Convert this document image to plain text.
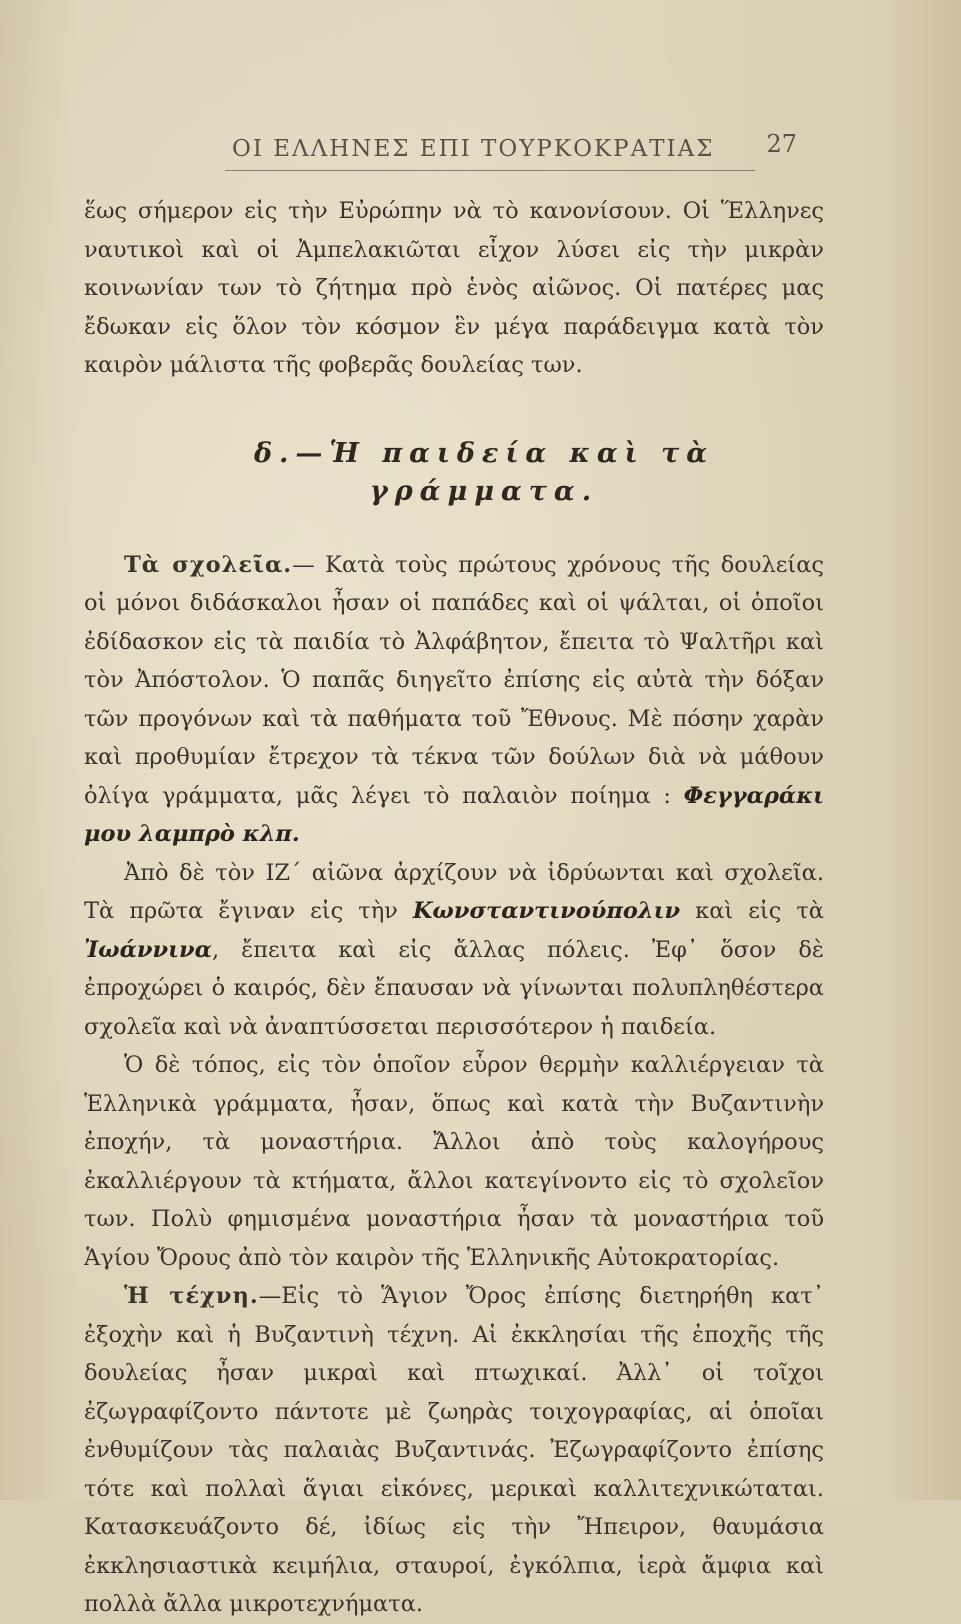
ΟΙ ΕΛΛΗΝΕΣ ΕΠΙ ΤΟΥΡΚΟΚΡΑΤΙΑΣ 27

ἕως σήμερον εἰς τὴν Εὐρώπην νὰ τὸ κανονίσουν. Οἱ Ἕλληνες ναυτικοὶ καὶ οἱ Ἀμπελακιῶται εἶχον λύσει εἰς τὴν μικρὰν κοινωνίαν των τὸ ζήτημα πρὸ ἑνὸς αἰῶνος. Οἱ πατέρες μας ἔδωκαν εἰς ὅλον τὸν κόσμον ἓν μέγα παράδειγμα κατὰ τὸν καιρὸν μάλιστα τῆς φοβερᾶς δουλείας των.

δ.—Ἡ παιδεία καὶ τὰ γράμματα.

Τὰ σχολεῖα.— Κατὰ τοὺς πρώτους χρόνους τῆς δουλείας οἱ μόνοι διδάσκαλοι ἦσαν οἱ παπάδες καὶ οἱ ψάλται, οἱ ὁποῖοι ἐδίδασκον εἰς τὰ παιδία τὸ Ἀλφάβητον, ἔπειτα τὸ Ψαλτῆρι καὶ τὸν Ἀπόστολον. Ὁ παπᾶς διηγεῖτο ἐπίσης εἰς αὐτὰ τὴν δόξαν τῶν προγόνων καὶ τὰ παθήματα τοῦ Ἔθνους. Μὲ πόσην χαρὰν καὶ προθυμίαν ἔτρεχον τὰ τέκνα τῶν δούλων διὰ νὰ μάθουν ὀλίγα γράμματα, μᾶς λέγει τὸ παλαιὸν ποίημα : Φεγγαράκι μου λαμπρὸ κλπ.

Ἀπὸ δὲ τὸν ΙΖ´ αἰῶνα ἀρχίζουν νὰ ἱδρύωνται καὶ σχολεῖα. Τὰ πρῶτα ἔγιναν εἰς τὴν Κωνσταντινούπολιν καὶ εἰς τὰ Ἰωάννινα, ἔπειτα καὶ εἰς ἄλλας πόλεις. Ἐφ᾽ ὅσον δὲ ἐπροχώρει ὁ καιρός, δὲν ἔπαυσαν νὰ γίνωνται πολυπληθέστερα σχολεῖα καὶ νὰ ἀναπτύσσεται περισσότερον ἡ παιδεία.

Ὁ δὲ τόπος, εἰς τὸν ὁποῖον εὗρον θερμὴν καλλιέργειαν τὰ Ἑλληνικὰ γράμματα, ἦσαν, ὅπως καὶ κατὰ τὴν Βυζαντινὴν ἐποχήν, τὰ μοναστήρια. Ἄλλοι ἀπὸ τοὺς καλογήρους ἐκαλλιέργουν τὰ κτήματα, ἄλλοι κατεγίνοντο εἰς τὸ σχολεῖον των. Πολὺ φημισμένα μοναστήρια ἦσαν τὰ μοναστήρια τοῦ Ἁγίου Ὄρους ἀπὸ τὸν καιρὸν τῆς Ἑλληνικῆς Αὐτοκρατορίας.

Ἡ τέχνη.—Εἰς τὸ Ἅγιον Ὄρος ἐπίσης διετηρήθη κατ᾽ ἐξοχὴν καὶ ἡ Βυζαντινὴ τέχνη. Αἱ ἐκκλησίαι τῆς ἐποχῆς τῆς δουλείας ἦσαν μικραὶ καὶ πτωχικαί. Ἀλλ᾽ οἱ τοῖχοι ἐζωγραφίζοντο πάντοτε μὲ ζωηρὰς τοιχογραφίας, αἱ ὁποῖαι ἐνθυμίζουν τὰς παλαιὰς Βυζαντινάς. Ἐζωγραφίζοντο ἐπίσης τότε καὶ πολλαὶ ἅγιαι εἰκόνες, μερικαὶ καλλιτεχνικώταται. Κατασκευάζοντο δέ, ἰδίως εἰς τὴν Ἤπειρον, θαυμάσια ἐκκλησιαστικὰ κειμήλια, σταυροί, ἐγκόλπια, ἱερὰ ἄμφια καὶ πολλὰ ἄλλα μικροτεχνήματα.
